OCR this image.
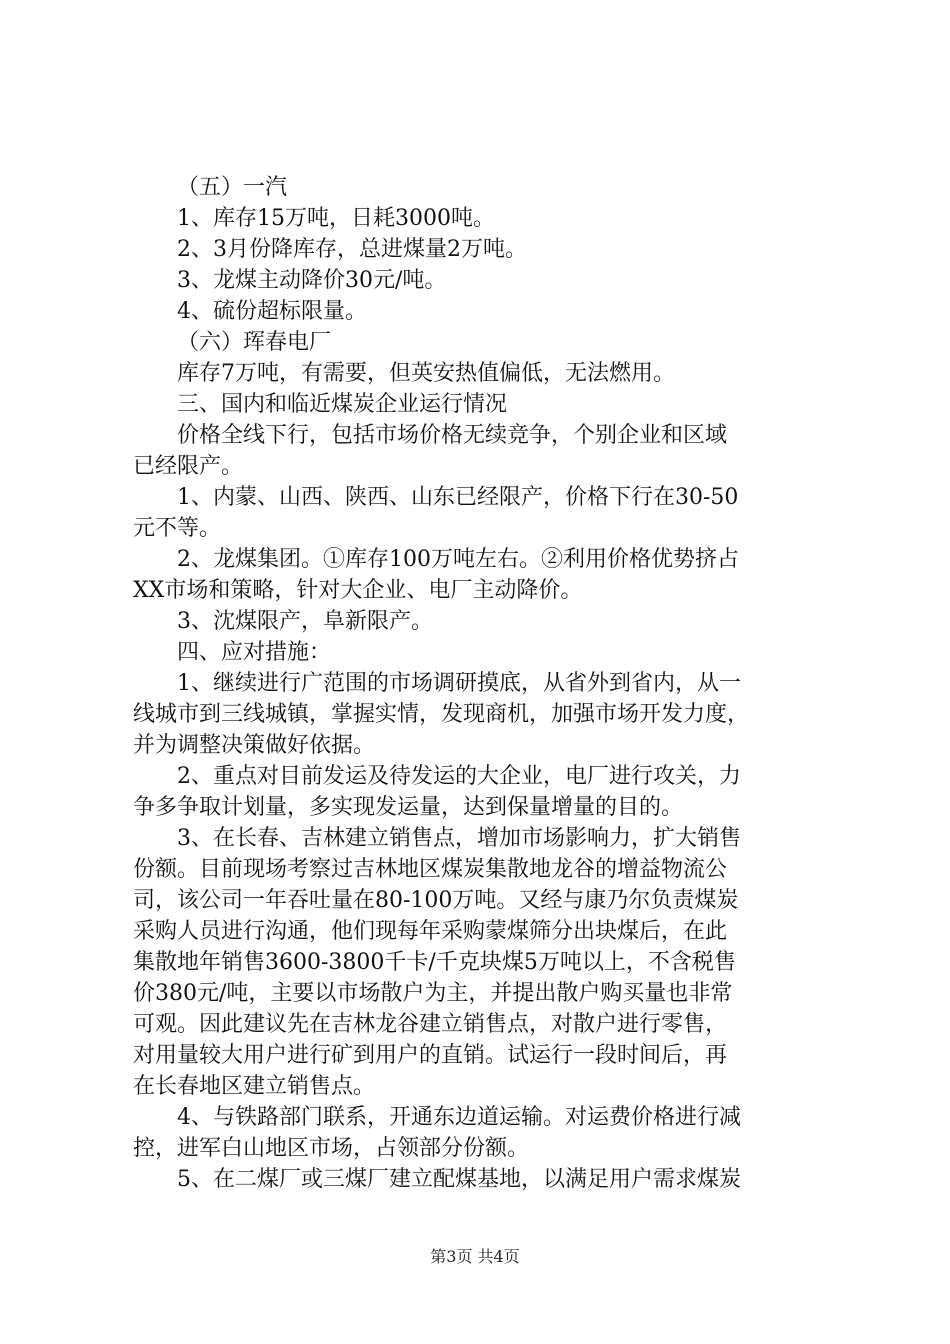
（五）一汽
1、库存15万吨，日耗3000吨。
2、3月份降库存，总进煤量2万吨。
3、龙煤主动降价30元/吨。
4、硫份超标限量。
（六）珲春电厂
库存7万吨，有需要，但英安热值偏低，无法燃用。
三、国内和临近煤炭企业运行情况
价格全线下行，包括市场价格无续竞争，个别企业和区域
已经限产。
1、内蒙、山西、陕西、山东已经限产，价格下行在30-50
元不等。
2、龙煤集团。①库存100万吨左右。②利用价格优势挤占
XX市场和策略，针对大企业、电厂主动降价。
3、沈煤限产，阜新限产。
四、应对措施：
1、继续进行广范围的市场调研摸底，从省外到省内，从一
线城市到三线城镇，掌握实情，发现商机，加强市场开发力度，
并为调整决策做好依据。
2、重点对目前发运及待发运的大企业，电厂进行攻关，力
争多争取计划量，多实现发运量，达到保量增量的目的。
3、在长春、吉林建立销售点，增加市场影响力，扩大销售
份额。目前现场考察过吉林地区煤炭集散地龙谷的增益物流公
司，该公司一年吞吐量在80-100万吨。又经与康乃尔负责煤炭
采购人员进行沟通，他们现每年采购蒙煤筛分出块煤后，在此
集散地年销售3600-3800千卡/千克块煤5万吨以上，不含税售
价380元/吨，主要以市场散户为主，并提出散户购买量也非常
可观。因此建议先在吉林龙谷建立销售点，对散户进行零售，
对用量较大用户进行矿到用户的直销。试运行一段时间后，再
在长春地区建立销售点。
4、与铁路部门联系，开通东边道运输。对运费价格进行减
控，进军白山地区市场，占领部分份额。
5、在二煤厂或三煤厂建立配煤基地，以满足用户需求煤炭
第3页 共4页
